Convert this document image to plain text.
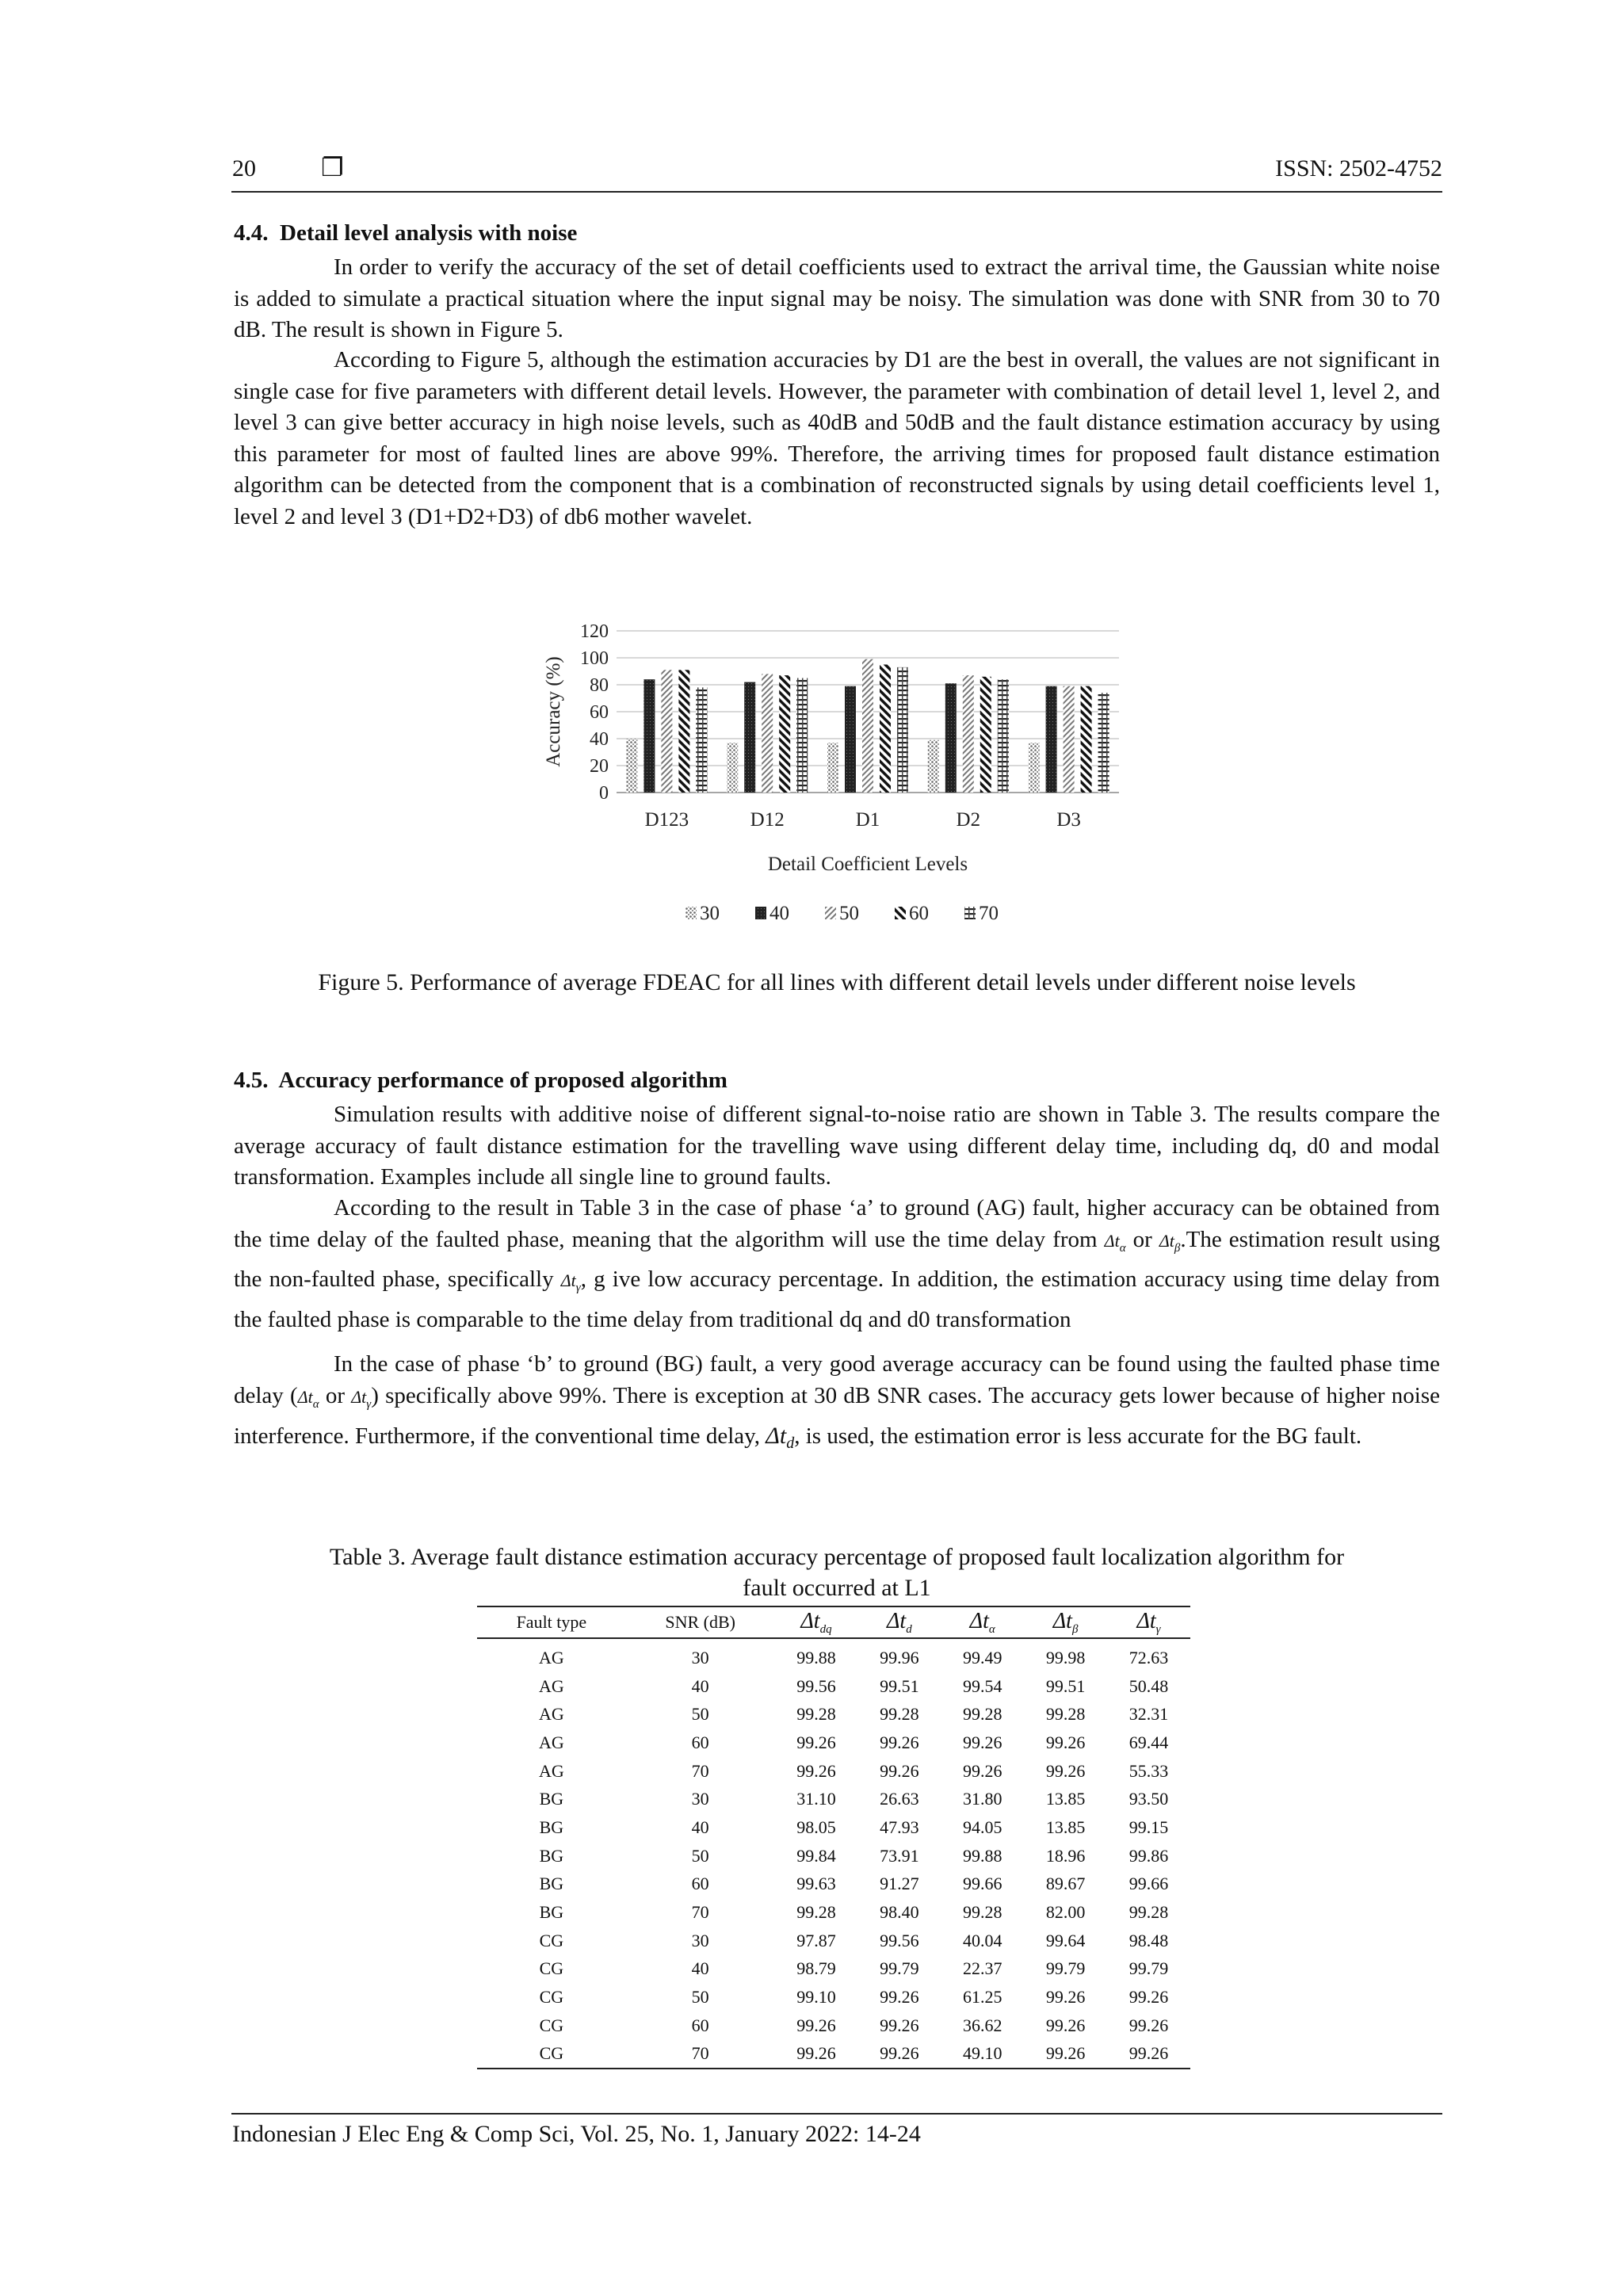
20	❐	ISSN: 2502-4752
4.4.  Detail level analysis with noise

In order to verify the accuracy of the set of detail coefficients used to extract the arrival time, the Gaussian white noise is added to simulate a practical situation where the input signal may be noisy. The simulation was done with SNR from 30 to 70 dB. The result is shown in Figure 5.

According to Figure 5, although the estimation accuracies by D1 are the best in overall, the values are not significant in single case for five parameters with different detail levels. However, the parameter with combination of detail level 1, level 2, and level 3 can give better accuracy in high noise levels, such as 40dB and 50dB and the fault distance estimation accuracy by using this parameter for most of faulted lines are above 99%. Therefore, the arriving times for proposed fault distance estimation algorithm can be detected from the component that is a combination of reconstructed signals by using detail coefficients level 1, level 2 and level 3 (D1+D2+D3) of db6 mother wavelet.

0
20
40
60
80
100
120
Accuracy (%)
D123	D12	D1	D2	D3
Detail Coefficient Levels
30	40	50	60	70
Figure 5. Performance of average FDEAC for all lines with different detail levels under different noise levels
4.5.  Accuracy performance of proposed algorithm

Simulation results with additive noise of different signal-to-noise ratio are shown in Table 3. The results compare the average accuracy of fault distance estimation for the travelling wave using different delay time, including dq, d0 and modal transformation. Examples include all single line to ground faults.

According to the result in Table 3 in the case of phase ‘a’ to ground (AG) fault, higher accuracy can be obtained from the time delay of the faulted phase, meaning that the algorithm will use the time delay from $\Delta t_\alpha$ or $\Delta t_\beta.The$ estimation result using the non-faulted phase, specifically $\Delta t_\gamma$, g ive low accuracy percentage. In addition, the estimation accuracy using time delay from the faulted phase is comparable to the time delay from traditional dq and d0 transformation

In the case of phase ‘b’ to ground (BG) fault, a very good average accuracy can be found using the faulted phase time delay ($\Delta t_\alpha$ or $\Delta t_\gamma$) specifically above 99%. There is exception at 30 dB SNR cases. The accuracy gets lower because of higher noise interference. Furthermore, if the conventional time delay, $\Delta t_d$, is used, the estimation error is less accurate for the BG fault.

Table 3. Average fault distance estimation accuracy percentage of proposed fault localization algorithm for
fault occurred at L1
Fault type	SNR (dB)	$\Delta t_{dq}$	$\Delta t_d$	$\Delta t_\alpha$	$\Delta t_\beta$	$\Delta t_\gamma$
AG	30	99.88	99.96	99.49	99.98	72.63
AG	40	99.56	99.51	99.54	99.51	50.48
AG	50	99.28	99.28	99.28	99.28	32.31
AG	60	99.26	99.26	99.26	99.26	69.44
AG	70	99.26	99.26	99.26	99.26	55.33
BG	30	31.10	26.63	31.80	13.85	93.50
BG	40	98.05	47.93	94.05	13.85	99.15
BG	50	99.84	73.91	99.88	18.96	99.86
BG	60	99.63	91.27	99.66	89.67	99.66
BG	70	99.28	98.40	99.28	82.00	99.28
CG	30	97.87	99.56	40.04	99.64	98.48
CG	40	98.79	99.79	22.37	99.79	99.79
CG	50	99.10	99.26	61.25	99.26	99.26
CG	60	99.26	99.26	36.62	99.26	99.26
CG	70	99.26	99.26	49.10	99.26	99.26
Indonesian J Elec Eng & Comp Sci, Vol. 25, No. 1, January 2022: 14-24
